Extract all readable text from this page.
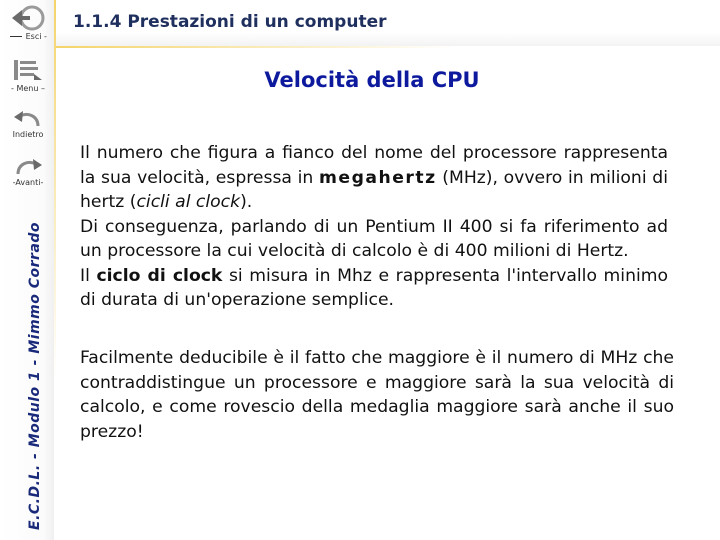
Esci -
- Menu –
Indietro
-Avanti-
E.C.D.L. - Modulo 1 - Mimmo Corrado
1.1.4 Prestazioni di un computer
Velocità della CPU

Il numero che figura a fianco del nome del processore rappresenta la sua velocità, espressa in megahertz (MHz), ovvero in milioni di hertz (cicli al clock).

Di conseguenza, parlando di un Pentium II 400 si fa riferimento ad un processore la cui velocità di calcolo è di 400 milioni di Hertz.

Il ciclo di clock si misura in Mhz e rappresenta l'intervallo minimo di durata di un'operazione semplice.

Facilmente deducibile è il fatto che maggiore è il numero di MHz che contraddistingue un processore e maggiore sarà la sua velocità di calcolo, e come rovescio della medaglia maggiore sarà anche il suo prezzo!
